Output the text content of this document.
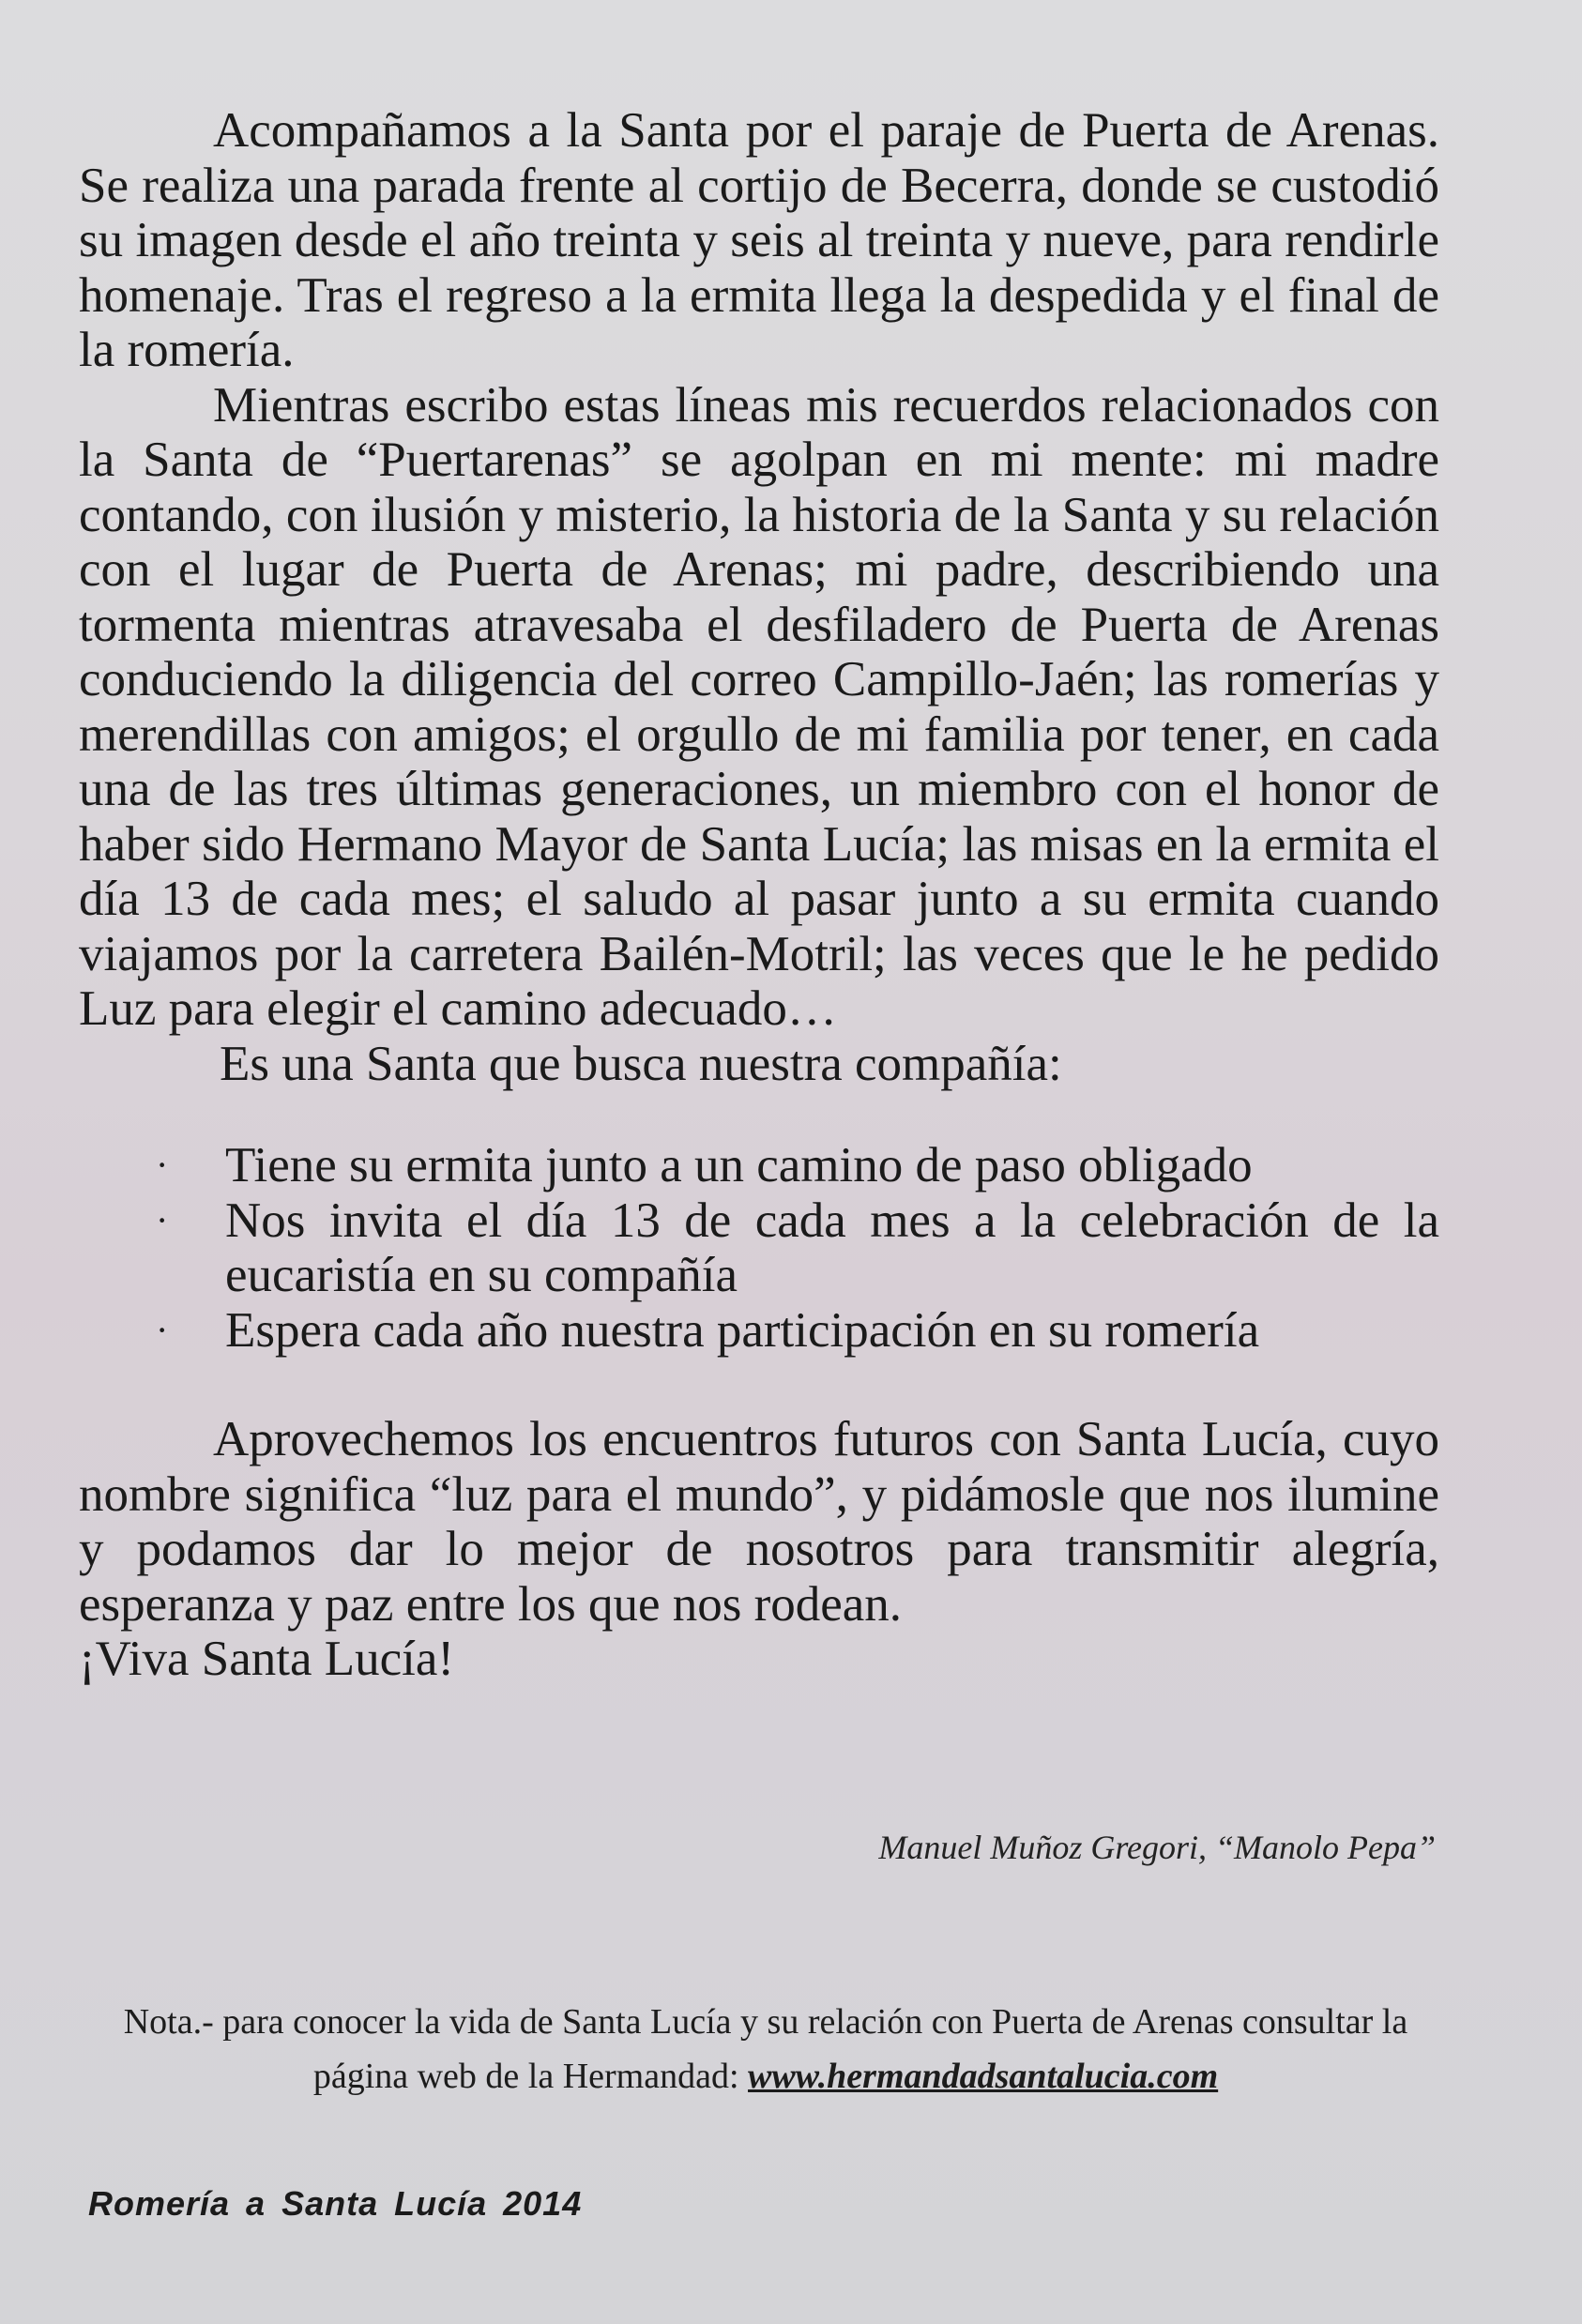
Acompañamos a la Santa por el paraje de Puerta de Arenas. Se realiza una parada frente al cortijo de Becerra, donde se custodió su imagen desde el año treinta y seis al treinta y nueve, para rendirle homenaje. Tras el regreso a la ermita llega la despedida y el final de la romería.

Mientras escribo estas líneas mis recuerdos relacionados con la Santa de “Puertarenas” se agolpan en mi mente: mi madre contando, con ilusión y misterio, la historia de la Santa y su relación con el lugar de Puerta de Arenas; mi padre, describiendo una tormenta mientras atravesaba el desfiladero de Puerta de Arenas conduciendo la diligencia del correo Campillo-Jaén; las romerías y merendillas con amigos; el orgullo de mi familia por tener, en cada una de las tres últimas generaciones, un miembro con el honor de haber sido Hermano Mayor de Santa Lucía; las misas en la ermita el día 13 de cada mes; el saludo al pasar junto a su ermita cuando viajamos por la carretera Bailén-Motril; las veces que le he pedido Luz para elegir el camino adecuado…

Es una Santa que busca nuestra compañía:

· Tiene su ermita junto a un camino de paso obligado
· Nos invita el día 13 de cada mes a la celebración de la eucaristía en su compañía
· Espera cada año nuestra participación en su romería

Aprovechemos los encuentros futuros con Santa Lucía, cuyo nombre significa “luz para el mundo”, y pidámosle que nos ilumine y podamos dar lo mejor de nosotros para transmitir alegría, esperanza y paz entre los que nos rodean.

¡Viva Santa Lucía!

Manuel Muñoz Gregori, “Manolo Pepa”
Nota.- para conocer la vida de Santa Lucía y su relación con Puerta de Arenas consultar la página web de la Hermandad: www.hermandadsantalucia.com
Romería a Santa Lucía 2014
